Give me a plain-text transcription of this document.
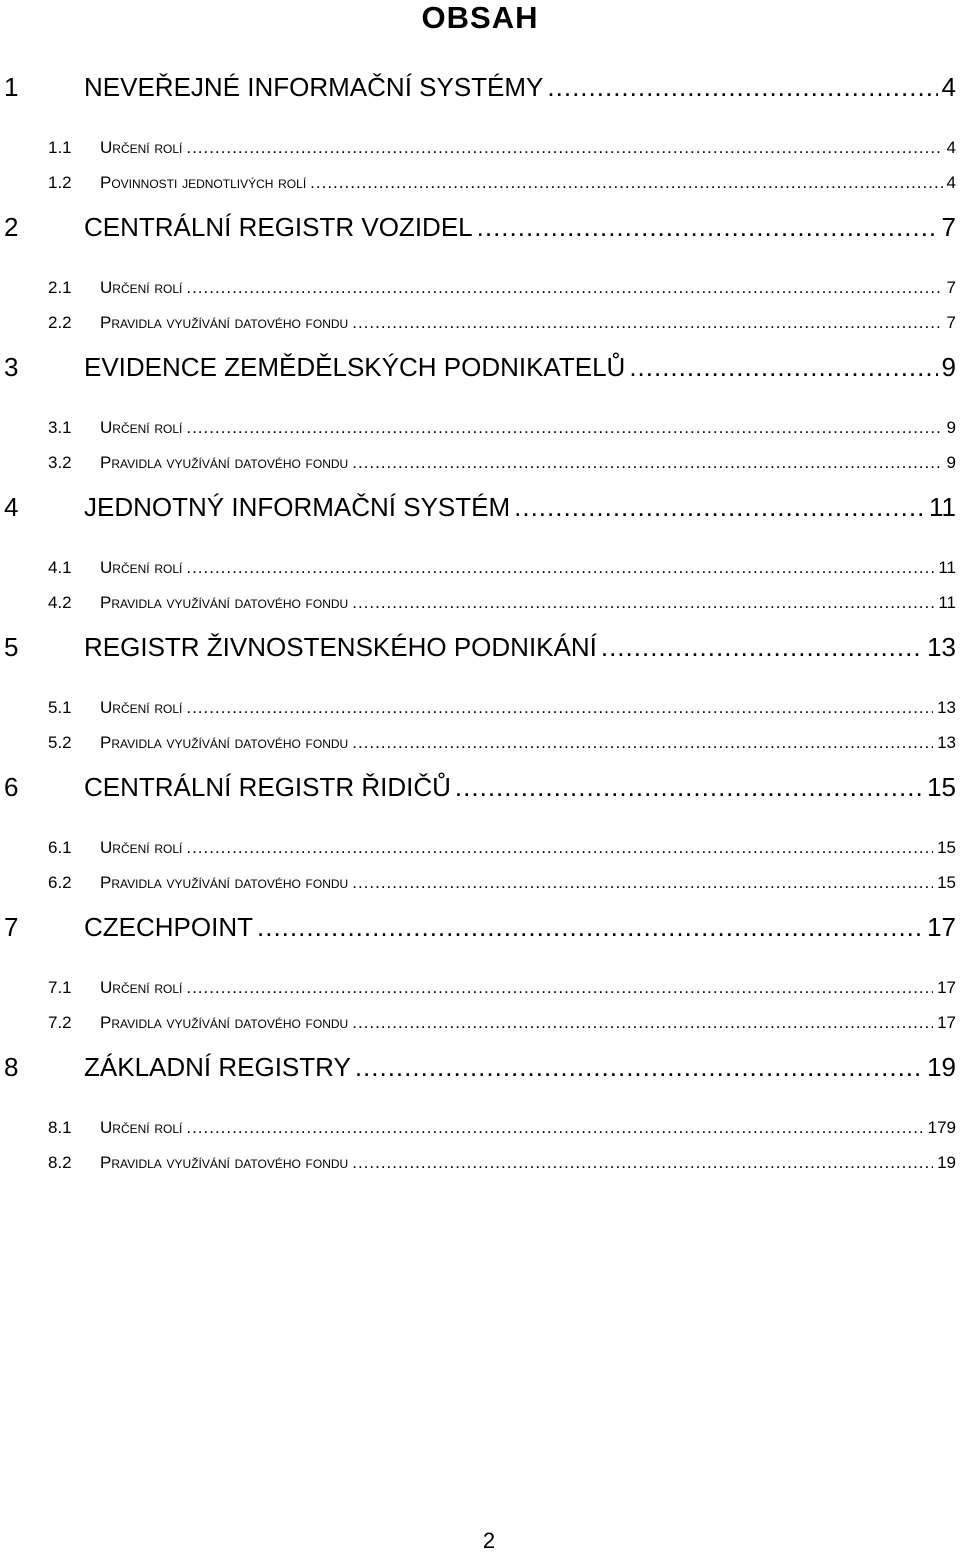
OBSAH
1	NEVEŘEJNÉ INFORMAČNÍ SYSTÉMY .....	4
1.1	určení rolí .....	4
1.2	povinnosti jednotlivých rolí .....	4
2	CENTRÁLNÍ REGISTR VOZIDEL .....	7
2.1	určení rolí .....	7
2.2	pravidla využívání datového fondu .....	7
3	EVIDENCE ZEMĚDĚLSKÝCH PODNIKATELŮ .....	9
3.1	určení rolí .....	9
3.2	pravidla využívání datového fondu .....	9
4	JEDNOTNÝ INFORMAČNÍ SYSTÉM .....	11
4.1	určení rolí .....	11
4.2	pravidla využívání datového fondu .....	11
5	REGISTR ŽIVNOSTENSKÉHO PODNIKÁNÍ .....	13
5.1	určení rolí .....	13
5.2	pravidla využívání datového fondu .....	13
6	CENTRÁLNÍ REGISTR ŘIDIČŮ .....	15
6.1	určení rolí .....	15
6.2	pravidla využívání datového fondu .....	15
7	CZECHPOINT .....	17
7.1	určení rolí .....	17
7.2	pravidla využívání datového fondu .....	17
8	ZÁKLADNÍ REGISTRY .....	19
8.1	určení rolí .....	179
8.2	pravidla využívání datového fondu .....	19
2
